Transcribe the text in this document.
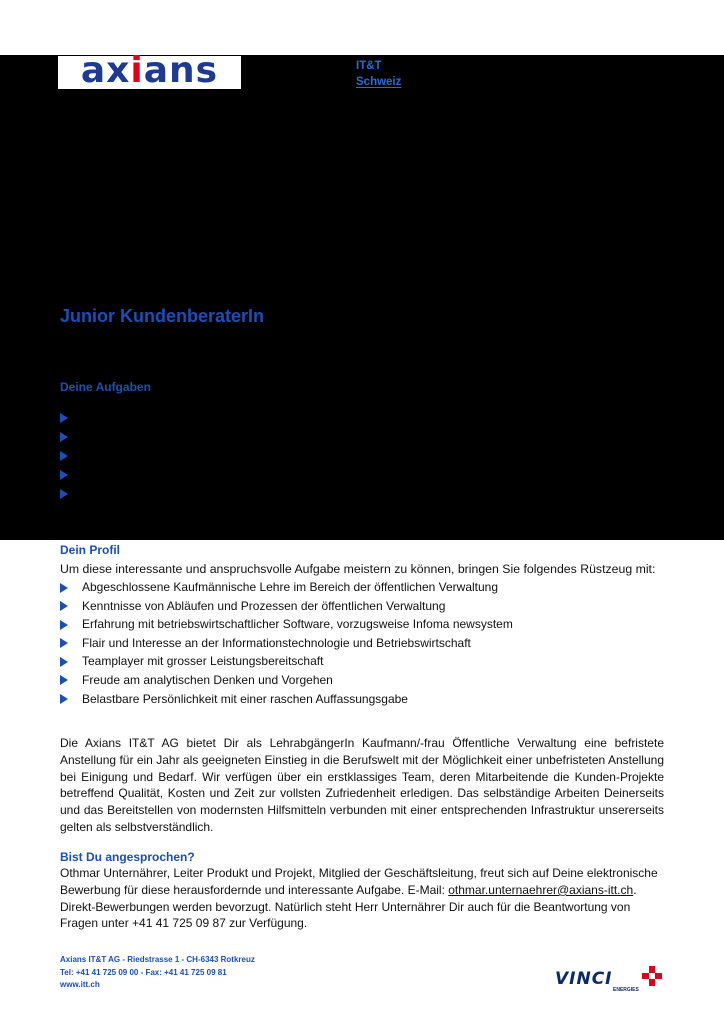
axians	IT&T
Schweiz
Junior KundenberaterIn
Deine Aufgaben
Dein Profil
Um diese interessante und anspruchsvolle Aufgabe meistern zu können, bringen Sie folgendes Rüstzeug mit:
Abgeschlossene Kaufmännische Lehre im Bereich der öffentlichen Verwaltung
Kenntnisse von Abläufen und Prozessen der öffentlichen Verwaltung
Erfahrung mit betriebswirtschaftlicher Software, vorzugsweise Infoma newsystem
Flair und Interesse an der Informationstechnologie und Betriebswirtschaft
Teamplayer mit grosser Leistungsbereitschaft
Freude am analytischen Denken und Vorgehen
Belastbare Persönlichkeit mit einer raschen Auffassungsgabe
Die Axians IT&T AG bietet Dir als LehrabgängerIn Kaufmann/-frau Öffentliche Verwaltung eine befristete Anstellung für ein Jahr als geeigneten Einstieg in die Berufswelt mit der Möglichkeit einer unbefristeten Anstellung bei Einigung und Bedarf. Wir verfügen über ein erstklassiges Team, deren Mitarbeitende die Kunden-Projekte betreffend Qualität, Kosten und Zeit zur vollsten Zufriedenheit erledigen. Das selbständige Arbeiten Deinerseits und das Bereitstellen von modernsten Hilfsmitteln verbunden mit einer entsprechenden Infrastruktur unsererseits gelten als selbstverständlich.
Bist Du angesprochen?
Othmar Unternährer, Leiter Produkt und Projekt, Mitglied der Geschäftsleitung, freut sich auf Deine elektronische Bewerbung für diese herausfordernde und interessante Aufgabe. E-Mail: othmar.unternaehrer@axians-itt.ch. Direkt-Bewerbungen werden bevorzugt. Natürlich steht Herr Unternährer Dir auch für die Beantwortung von Fragen unter +41 41 725 09 87 zur Verfügung.
Axians IT&T AG - Riedstrasse 1 - CH-6343 Rotkreuz
Tel: +41 41 725 09 00 - Fax: +41 41 725 09 81
www.itt.ch	VINCI
ENERGIES
